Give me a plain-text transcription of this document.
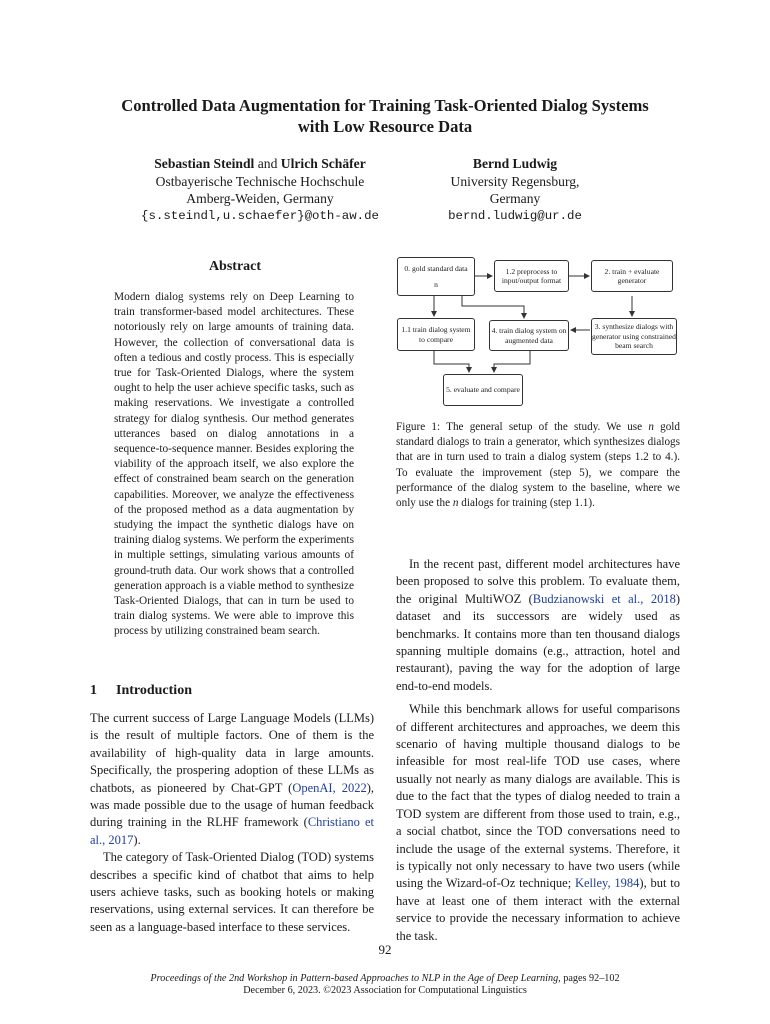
Controlled Data Augmentation for Training Task-Oriented Dialog Systems
with Low Resource Data
Sebastian Steindl and Ulrich Schäfer
Ostbayerische Technische Hochschule
Amberg-Weiden, Germany
{s.steindl,u.schaefer}@oth-aw.de
Bernd Ludwig
University Regensburg,
Germany
bernd.ludwig@ur.de
Abstract
Modern dialog systems rely on Deep Learning to train transformer-based model architectures. These notoriously rely on large amounts of training data. However, the collection of conversational data is often a tedious and costly process. This is especially true for Task-Oriented Dialogs, where the system ought to help the user achieve specific tasks, such as making reservations. We investigate a controlled strategy for dialog synthesis. Our method generates utterances based on dialog annotations in a sequence-to-sequence manner. Besides exploring the viability of the approach itself, we also explore the effect of constrained beam search on the generation capabilities. Moreover, we analyze the effectiveness of the proposed method as a data augmentation by studying the impact the synthetic dialogs have on training dialog systems. We perform the experiments in multiple settings, simulating various amounts of ground-truth data. Our work shows that a controlled generation approach is a viable method to synthesize Task-Oriented Dialogs, that can in turn be used to train dialog systems. We were able to improve this process by utilizing constrained beam search.
1 Introduction

The current success of Large Language Models (LLMs) is the result of multiple factors. One of them is the availability of high-quality data in large amounts. Specifically, the prospering adoption of these LLMs as chatbots, as pioneered by Chat-GPT (OpenAI, 2022), was made possible due to the usage of human feedback during training in the RLHF framework (Christiano et al., 2017).

The category of Task-Oriented Dialog (TOD) systems describes a specific kind of chatbot that aims to help users achieve tasks, such as booking hotels or making reservations, using external services. It can therefore be seen as a language-based interface to these services.

0. gold standard data
n
1.2 preprocess to input/output format
2. train + evaluate generator
1.1 train dialog system to compare
4. train dialog system on augmented data
3. synthesize dialogs with generator using constrained beam search
5. evaluate and compare
Figure 1: The general setup of the study. We use n gold standard dialogs to train a generator, which synthesizes dialogs that are in turn used to train a dialog system (steps 1.2 to 4.). To evaluate the improvement (step 5), we compare the performance of the dialog system to the baseline, where we only use the n dialogs for training (step 1.1).

In the recent past, different model architectures have been proposed to solve this problem. To evaluate them, the original MultiWOZ (Budzianowski et al., 2018) dataset and its successors are widely used as benchmarks. It contains more than ten thousand dialogs spanning multiple domains (e.g., attraction, hotel and restaurant), paving the way for the adoption of large end-to-end models.

While this benchmark allows for useful comparisons of different architectures and approaches, we deem this scenario of having multiple thousand dialogs to be infeasible for most real-life TOD use cases, where usually not nearly as many dialogs are available. This is due to the fact that the types of dialog needed to train a TOD system are different from those used to train, e.g., a social chatbot, since the TOD conversations need to include the usage of the external systems. Therefore, it is typically not only necessary to have two users (while using the Wizard-of-Oz technique; Kelley, 1984), but to have at least one of them interact with the external service to provide the necessary information to achieve the task.

92
Proceedings of the 2nd Workshop in Pattern-based Approaches to NLP in the Age of Deep Learning, pages 92–102
December 6, 2023. ©2023 Association for Computational Linguistics
